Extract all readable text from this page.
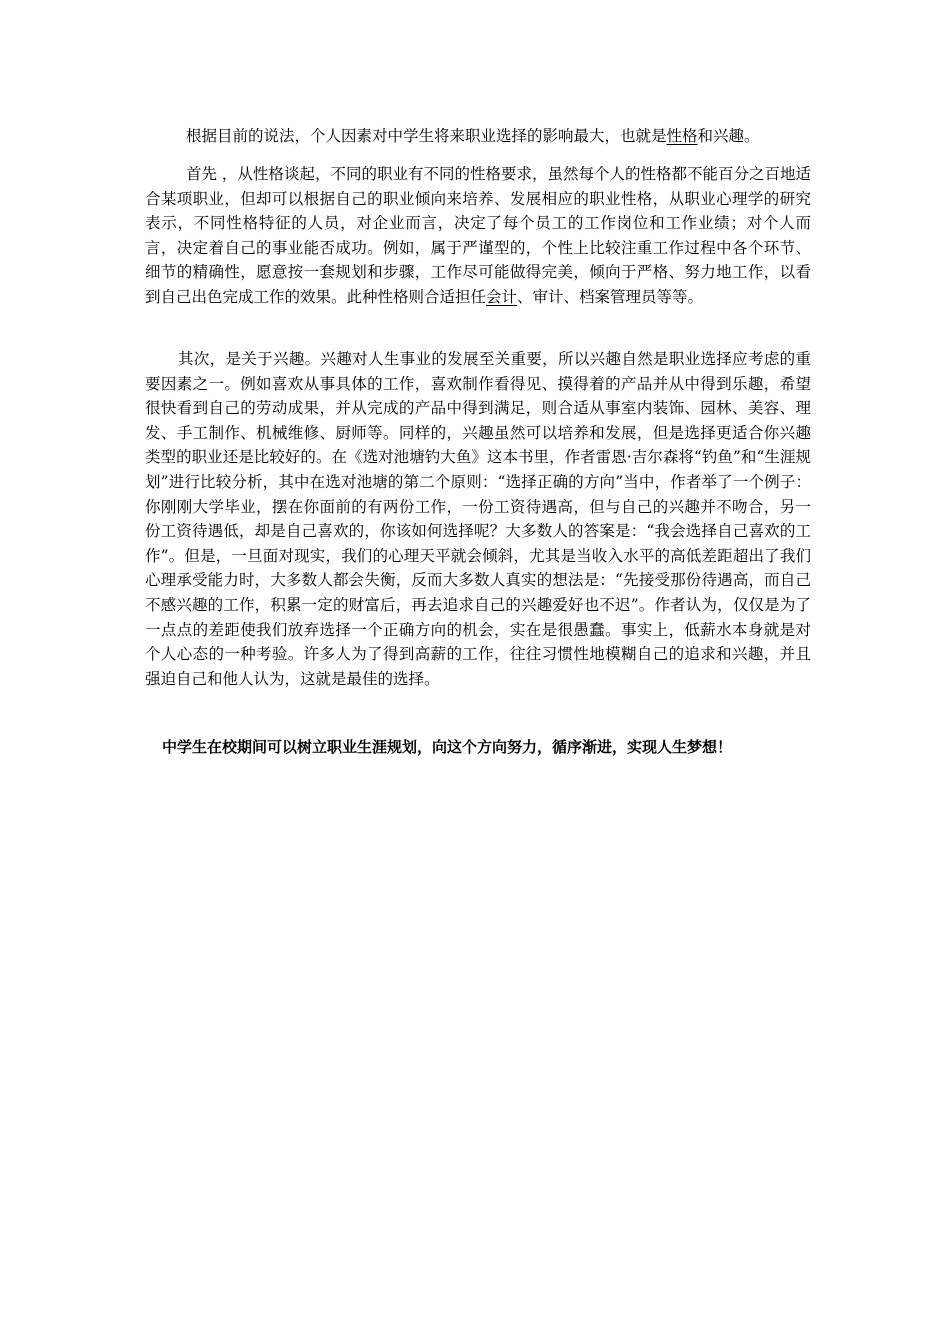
根据目前的说法，个人因素对中学生将来职业选择的影响最大，也就是性格和兴趣。

首先 ，从性格谈起，不同的职业有不同的性格要求，虽然每个人的性格都不能百分之百地适合某项职业，但却可以根据自己的职业倾向来培养、发展相应的职业性格，从职业心理学的研究表示，不同性格特征的人员，对企业而言，决定了每个员工的工作岗位和工作业绩；对个人而言，决定着自己的事业能否成功。例如，属于严谨型的，个性上比较注重工作过程中各个环节、细节的精确性，愿意按一套规划和步骤，工作尽可能做得完美，倾向于严格、努力地工作，以看到自己出色完成工作的效果。此种性格则合适担任会计、审计、档案管理员等等。

其次，是关于兴趣。兴趣对人生事业的发展至关重要，所以兴趣自然是职业选择应考虑的重要因素之一。例如喜欢从事具体的工作，喜欢制作看得见、摸得着的产品并从中得到乐趣，希望很快看到自己的劳动成果，并从完成的产品中得到满足，则合适从事室内装饰、园林、美容、理发、手工制作、机械维修、厨师等。同样的，兴趣虽然可以培养和发展，但是选择更适合你兴趣类型的职业还是比较好的。在《选对池塘钓大鱼》这本书里，作者雷恩·吉尔森将“钓鱼”和“生涯规划”进行比较分析，其中在选对池塘的第二个原则：“选择正确的方向”当中，作者举了一个例子：你刚刚大学毕业，摆在你面前的有两份工作，一份工资待遇高，但与自己的兴趣并不吻合，另一份工资待遇低，却是自己喜欢的，你该如何选择呢？大多数人的答案是：“我会选择自己喜欢的工作”。但是，一旦面对现实，我们的心理天平就会倾斜，尤其是当收入水平的高低差距超出了我们心理承受能力时，大多数人都会失衡，反而大多数人真实的想法是：“先接受那份待遇高，而自己不感兴趣的工作，积累一定的财富后，再去追求自己的兴趣爱好也不迟”。作者认为，仅仅是为了一点点的差距使我们放弃选择一个正确方向的机会，实在是很愚蠢。事实上，低薪水本身就是对个人心态的一种考验。许多人为了得到高薪的工作，往往习惯性地模糊自己的追求和兴趣，并且强迫自己和他人认为，这就是最佳的选择。

中学生在校期间可以树立职业生涯规划，向这个方向努力，循序渐进，实现人生梦想！
